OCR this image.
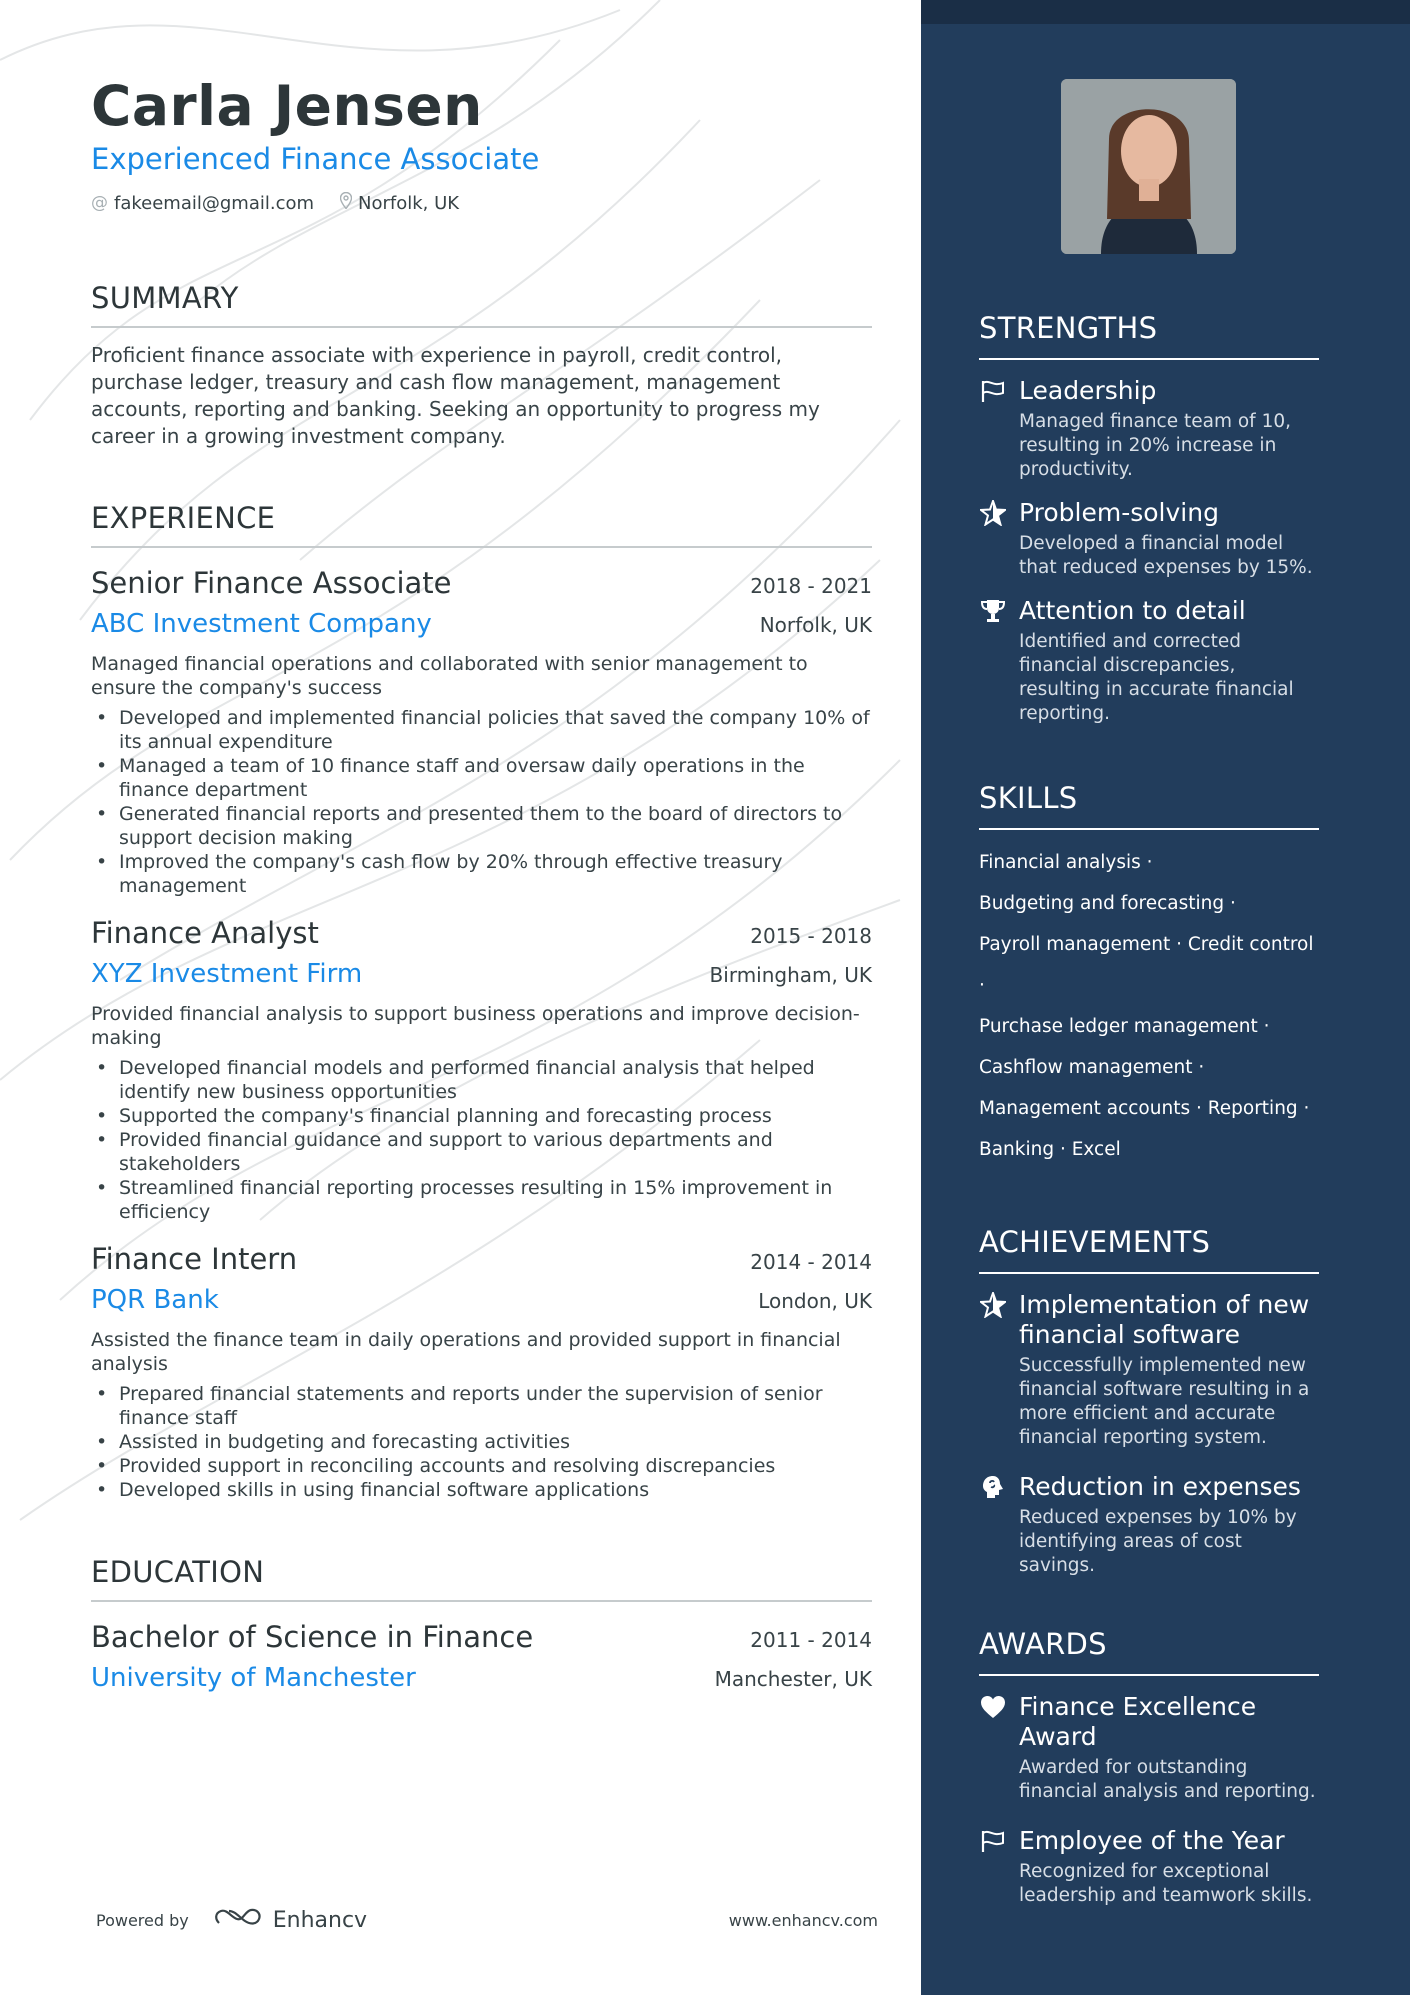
Carla Jensen
Experienced Finance Associate
@ fakeemail@gmail.com Norfolk, UK
SUMMARY
Proficient finance associate with experience in payroll, credit control, purchase ledger, treasury and cash flow management, management accounts, reporting and banking. Seeking an opportunity to progress my career in a growing investment company.
EXPERIENCE
Senior Finance Associate	2018 - 2021
ABC Investment Company	Norfolk, UK
Managed financial operations and collaborated with senior management to ensure the company's success
• Developed and implemented financial policies that saved the company 10% of its annual expenditure
• Managed a team of 10 finance staff and oversaw daily operations in the finance department
• Generated financial reports and presented them to the board of directors to support decision making
• Improved the company's cash flow by 20% through effective treasury management
Finance Analyst	2015 - 2018
XYZ Investment Firm	Birmingham, UK
Provided financial analysis to support business operations and improve decision-making
• Developed financial models and performed financial analysis that helped identify new business opportunities
• Supported the company's financial planning and forecasting process
• Provided financial guidance and support to various departments and stakeholders
• Streamlined financial reporting processes resulting in 15% improvement in efficiency
Finance Intern	2014 - 2014
PQR Bank	London, UK
Assisted the finance team in daily operations and provided support in financial analysis
• Prepared financial statements and reports under the supervision of senior finance staff
• Assisted in budgeting and forecasting activities
• Provided support in reconciling accounts and resolving discrepancies
• Developed skills in using financial software applications
EDUCATION
Bachelor of Science in Finance	2011 - 2014
University of Manchester	Manchester, UK
Powered by	Enhancv	www.enhancv.com
STRENGTHS
Leadership
Managed finance team of 10, resulting in 20% increase in productivity.
Problem-solving
Developed a financial model that reduced expenses by 15%.
Attention to detail
Identified and corrected financial discrepancies, resulting in accurate financial reporting.
SKILLS
Financial analysis ·
Budgeting and forecasting ·
Payroll management · Credit control ·
Purchase ledger management ·
Cashflow management ·
Management accounts · Reporting ·
Banking · Excel
ACHIEVEMENTS
Implementation of new financial software
Successfully implemented new financial software resulting in a more efficient and accurate financial reporting system.
Reduction in expenses
Reduced expenses by 10% by identifying areas of cost savings.
AWARDS
Finance Excellence Award
Awarded for outstanding financial analysis and reporting.
Employee of the Year
Recognized for exceptional leadership and teamwork skills.
